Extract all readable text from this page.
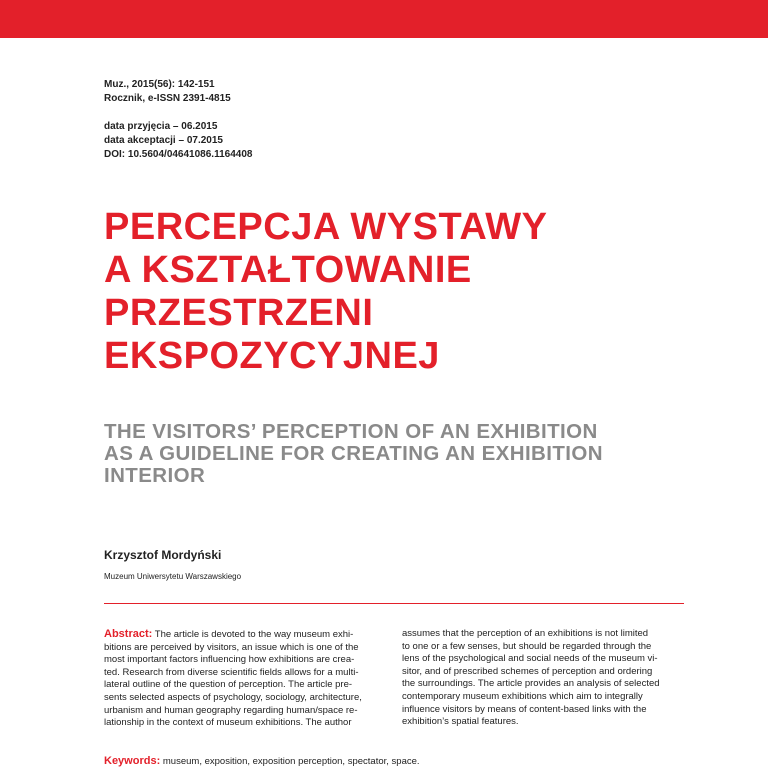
Muz., 2015(56): 142-151
Rocznik, e-ISSN 2391-4815
data przyjęcia – 06.2015
data akceptacji – 07.2015
DOI: 10.5604/04641086.1164408
PERCEPCJA WYSTAWY
A KSZTAŁTOWANIE
PRZESTRZENI
EKSPOZYCYJNEJ
THE VISITORS’ PERCEPTION OF AN EXHIBITION
AS A GUIDELINE FOR CREATING AN EXHIBITION
INTERIOR
Krzysztof Mordyński
Muzeum Uniwersytetu Warszawskiego
Abstract: The article is devoted to the way museum exhi-
bitions are perceived by visitors, an issue which is one of the
most important factors influencing how exhibitions are crea-
ted. Research from diverse scientific fields allows for a multi-
lateral outline of the question of perception. The article pre-
sents selected aspects of psychology, sociology, architecture,
urbanism and human geography regarding human/space re-
lationship in the context of museum exhibitions. The author
assumes that the perception of an exhibitions is not limited
to one or a few senses, but should be regarded through the
lens of the psychological and social needs of the museum vi-
sitor, and of prescribed schemes of perception and ordering
the surroundings. The article provides an analysis of selected
contemporary museum exhibitions which aim to integrally
influence visitors by means of content-based links with the
exhibition’s spatial features.
Keywords: museum, exposition, exposition perception, spectator, space.
